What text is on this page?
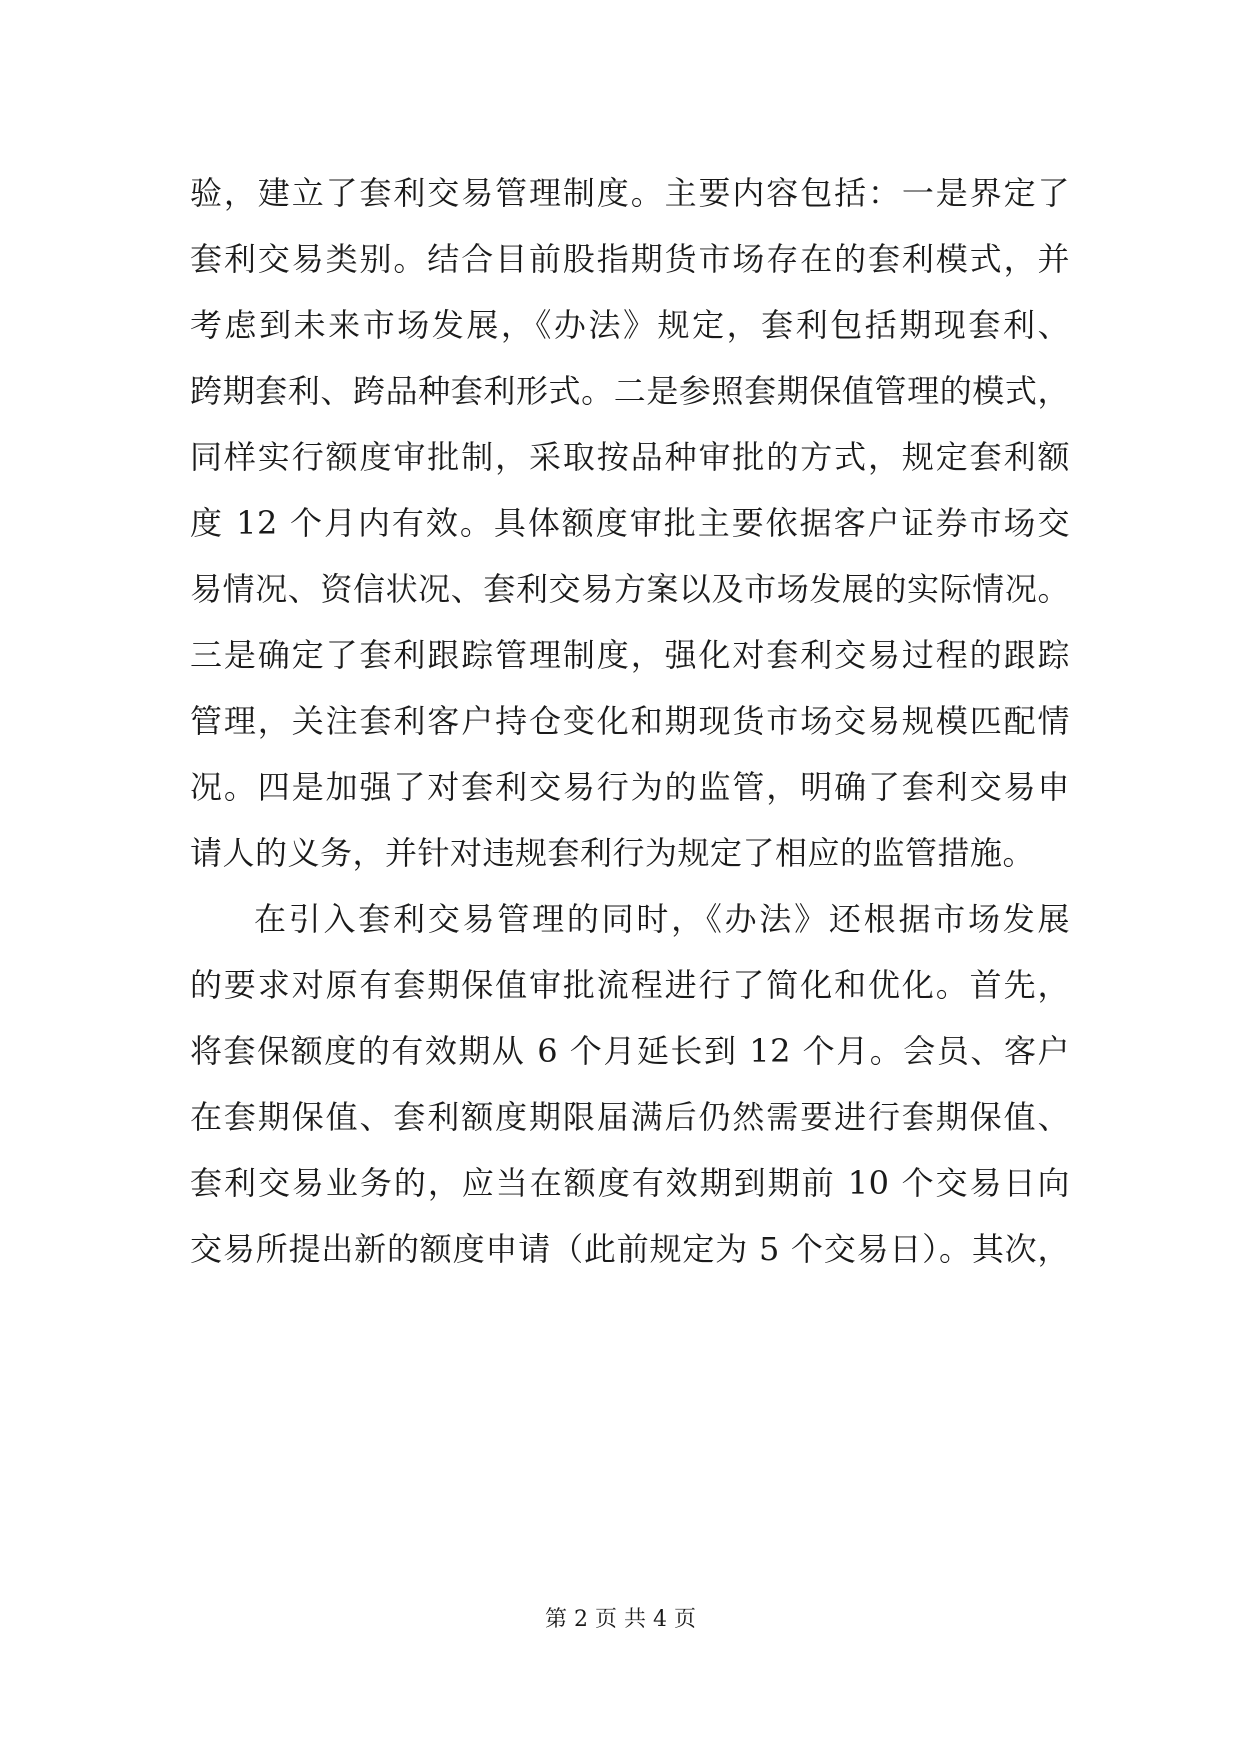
验，建立了套利交易管理制度。主要内容包括：一是界定了
套利交易类别。结合目前股指期货市场存在的套利模式，并
考虑到未来市场发展，《办法》规定，套利包括期现套利、
跨期套利、跨品种套利形式。二是参照套期保值管理的模式，
同样实行额度审批制，采取按品种审批的方式，规定套利额
度 12 个月内有效。具体额度审批主要依据客户证券市场交
易情况、资信状况、套利交易方案以及市场发展的实际情况。
三是确定了套利跟踪管理制度，强化对套利交易过程的跟踪
管理，关注套利客户持仓变化和期现货市场交易规模匹配情
况。四是加强了对套利交易行为的监管，明确了套利交易申
请人的义务，并针对违规套利行为规定了相应的监管措施。
在引入套利交易管理的同时，《办法》还根据市场发展
的要求对原有套期保值审批流程进行了简化和优化。首先，
将套保额度的有效期从 6 个月延长到 12 个月。会员、客户
在套期保值、套利额度期限届满后仍然需要进行套期保值、
套利交易业务的，应当在额度有效期到期前 10 个交易日向
交易所提出新的额度申请（此前规定为 5 个交易日）。其次，
第 2 页 共 4 页
